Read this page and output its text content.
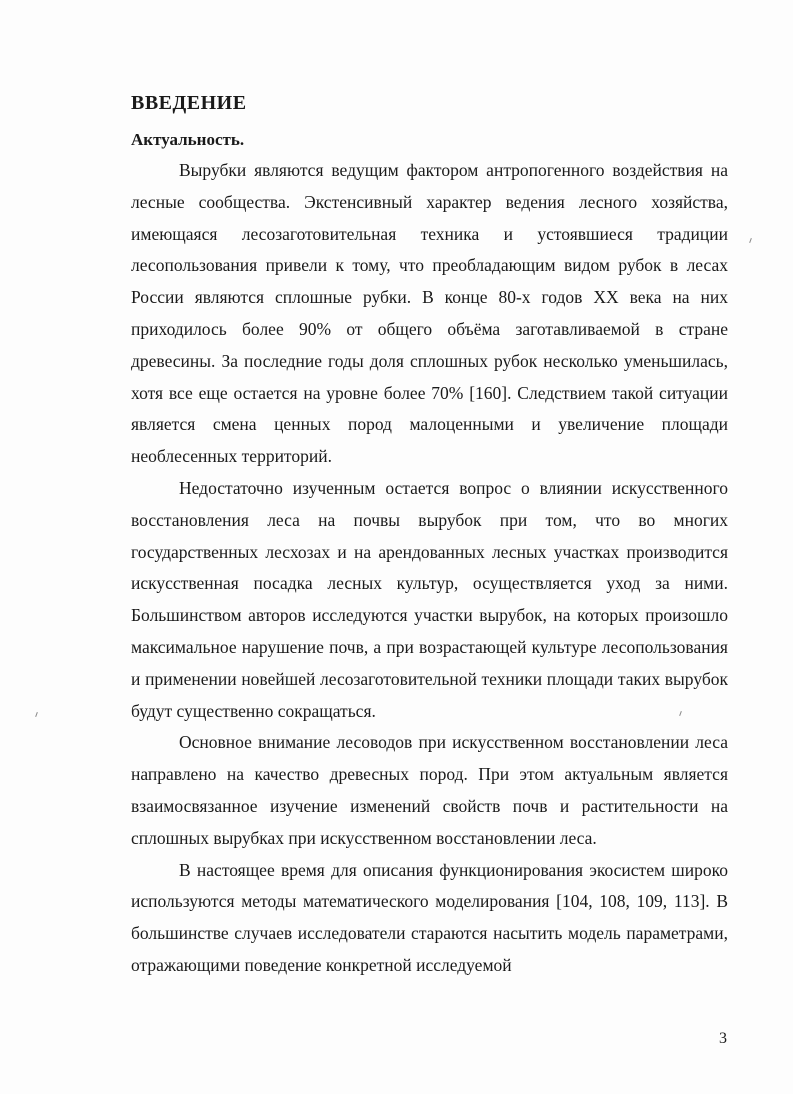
ВВЕДЕНИЕ
Актуальность.

Вырубки являются ведущим фактором антропогенного воздействия на лесные сообщества. Экстенсивный характер ведения лесного хозяйства, имеющаяся лесозаготовительная техника и устоявшиеся традиции лесопользования привели к тому, что преобладающим видом рубок в лесах России являются сплошные рубки. В конце 80-х годов XX века на них приходилось более 90% от общего объёма заготавливаемой в стране древесины. За последние годы доля сплошных рубок несколько уменьшилась, хотя все еще остается на уровне более 70% [160]. Следствием такой ситуации является смена ценных пород малоценными и увеличение площади необлесенных территорий.

Недостаточно изученным остается вопрос о влиянии искусственного восстановления леса на почвы вырубок при том, что во многих государственных лесхозах и на арендованных лесных участках производится искусственная посадка лесных культур, осуществляется уход за ними. Большинством авторов исследуются участки вырубок, на которых произошло максимальное нарушение почв, а при возрастающей культуре лесопользования и применении новейшей лесозаготовительной техники площади таких вырубок будут существенно сокращаться.

Основное внимание лесоводов при искусственном восстановлении леса направлено на качество древесных пород. При этом актуальным является взаимосвязанное изучение изменений свойств почв и растительности на сплошных вырубках при искусственном восстановлении леса.

В настоящее время для описания функционирования экосистем широко используются методы математического моделирования [104, 108, 109, 113]. В большинстве случаев исследователи стараются насытить модель параметрами, отражающими поведение конкретной исследуемой

3
